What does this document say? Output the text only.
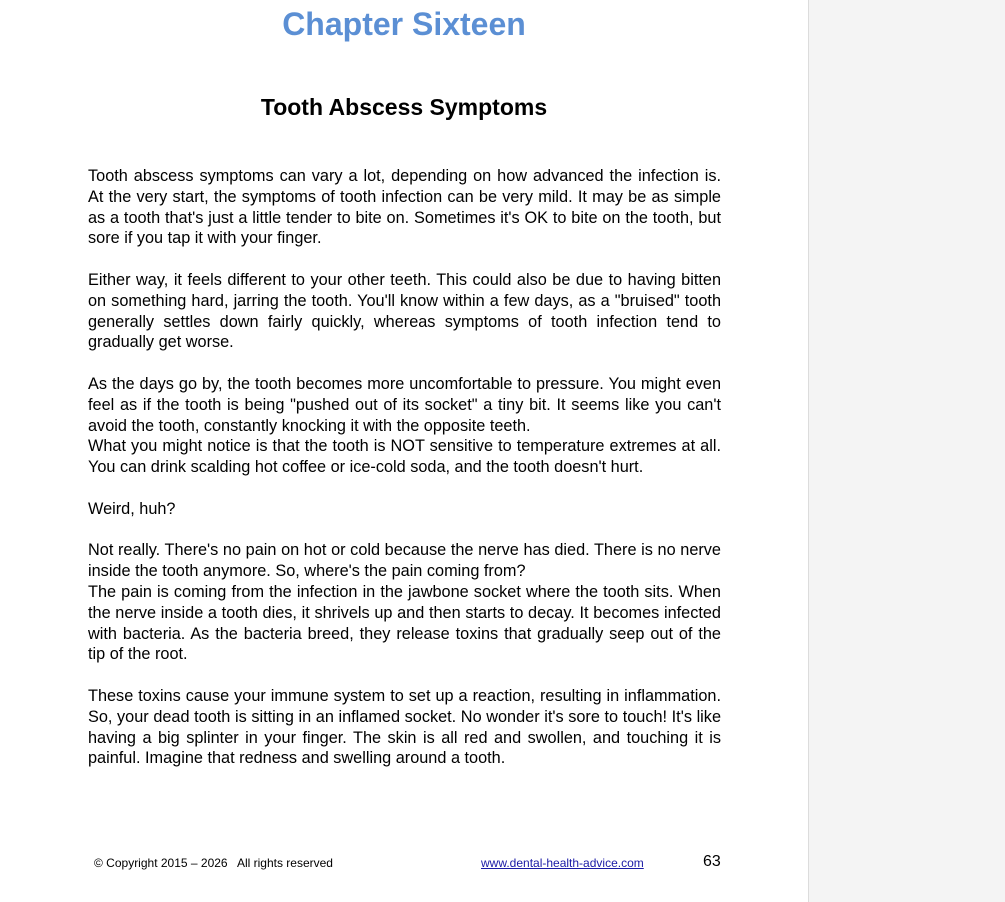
Chapter Sixteen
Tooth Abscess Symptoms

Tooth abscess symptoms can vary a lot, depending on how advanced the infection is. At the very start, the symptoms of tooth infection can be very mild. It may be as simple as a tooth that's just a little tender to bite on. Sometimes it's OK to bite on the tooth, but sore if you tap it with your finger.

Either way, it feels different to your other teeth. This could also be due to having bitten on something hard, jarring the tooth. You'll know within a few days, as a "bruised" tooth generally settles down fairly quickly, whereas symptoms of tooth infection tend to gradually get worse.

As the days go by, the tooth becomes more uncomfortable to pressure. You might even feel as if the tooth is being "pushed out of its socket" a tiny bit. It seems like you can't avoid the tooth, constantly knocking it with the opposite teeth.

What you might notice is that the tooth is NOT sensitive to temperature extremes at all. You can drink scalding hot coffee or ice-cold soda, and the tooth doesn't hurt.

Weird, huh?

Not really. There's no pain on hot or cold because the nerve has died. There is no nerve inside the tooth anymore. So, where's the pain coming from?

The pain is coming from the infection in the jawbone socket where the tooth sits. When the nerve inside a tooth dies, it shrivels up and then starts to decay. It becomes infected with bacteria. As the bacteria breed, they release toxins that gradually seep out of the tip of the root.

These toxins cause your immune system to set up a reaction, resulting in inflammation. So, your dead tooth is sitting in an inflamed socket. No wonder it's sore to touch! It's like having a big splinter in your finger. The skin is all red and swollen, and touching it is painful. Imagine that redness and swelling around a tooth.

© Copyright 2015 – 2026   All rights reserved	www.dental-health-advice.com	63
